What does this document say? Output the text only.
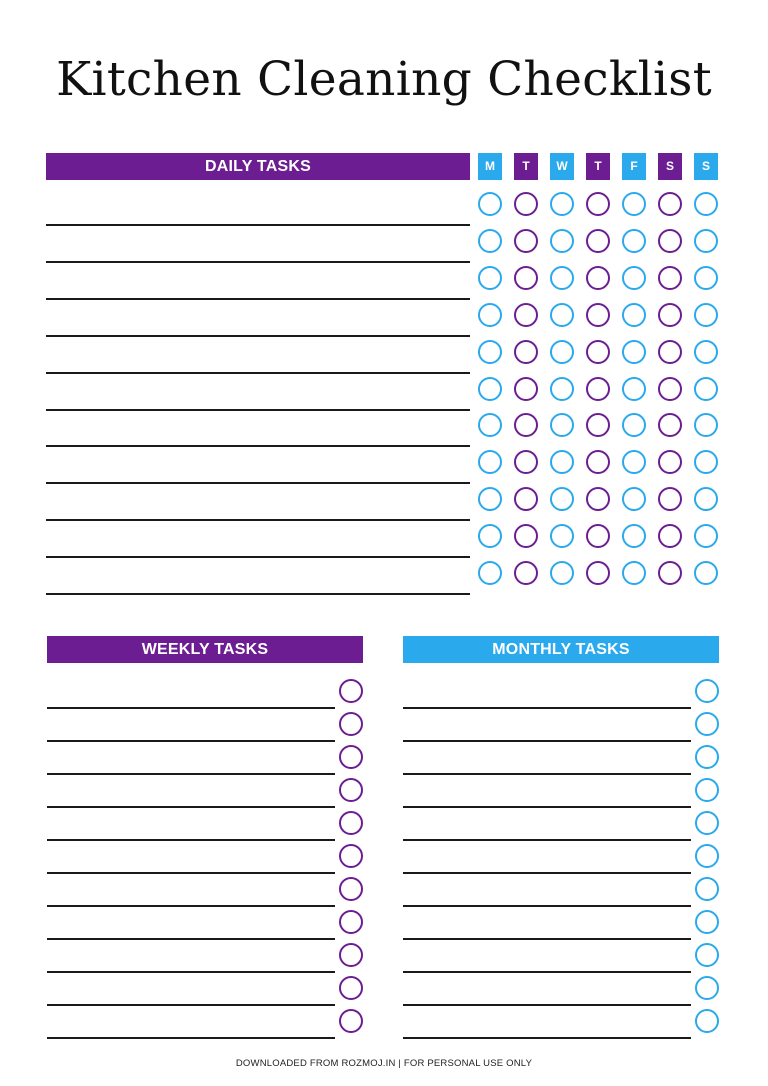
Kitchen Cleaning Checklist
DAILY TASKS	M	T	W	T	F	S	S
WEEKLY TASKS	MONTHLY TASKS
DOWNLOADED FROM ROZMOJ.IN | FOR PERSONAL USE ONLY
